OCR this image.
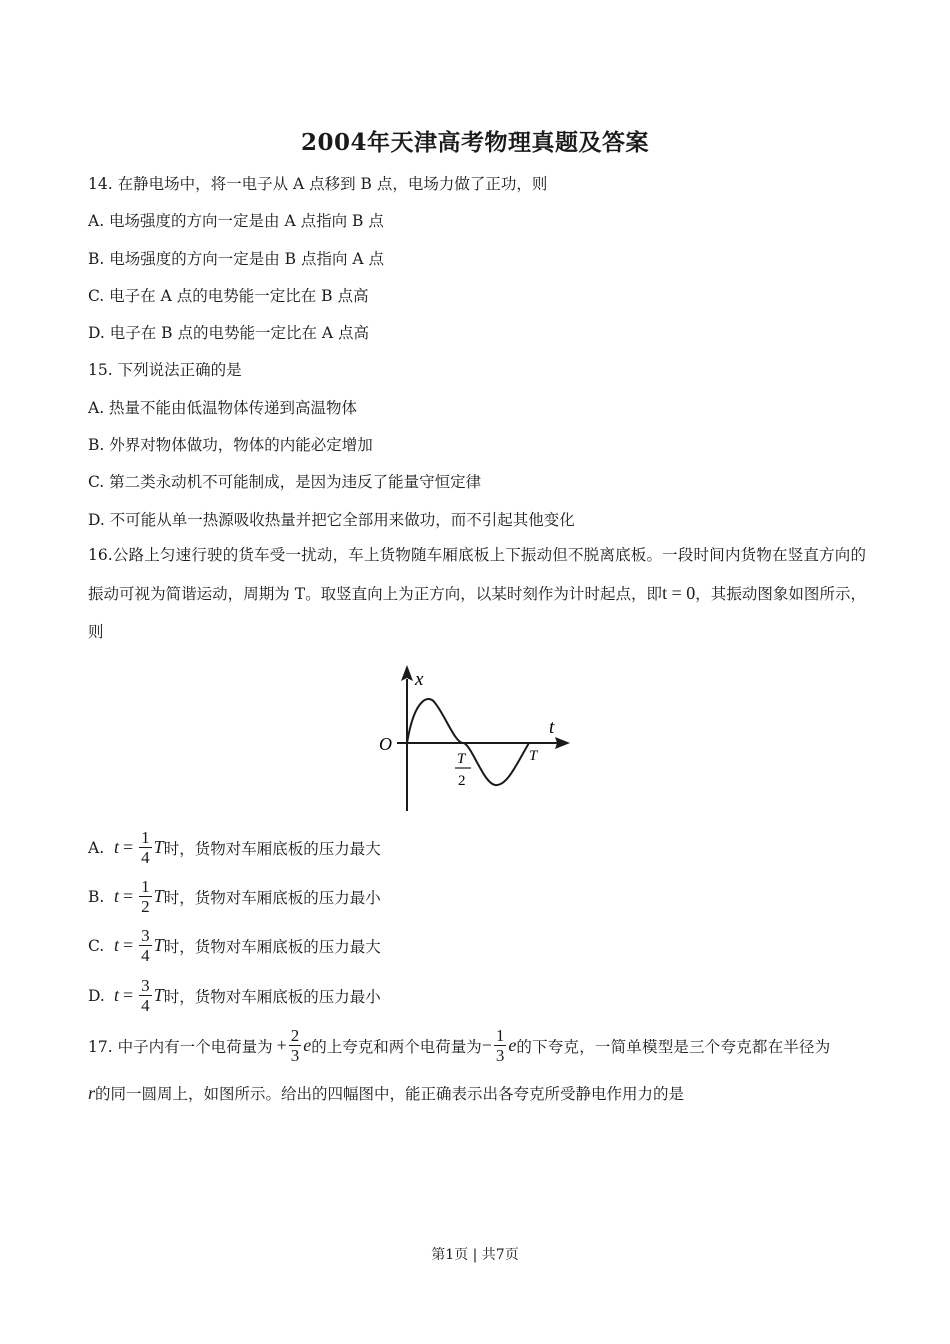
2004年天津高考物理真题及答案
14. 在静电场中，将一电子从 A 点移到 B 点，电场力做了正功，则
A. 电场强度的方向一定是由 A 点指向 B 点
B. 电场强度的方向一定是由 B 点指向 A 点
C. 电子在 A 点的电势能一定比在 B 点高
D. 电子在 B 点的电势能一定比在 A 点高
15. 下列说法正确的是
A. 热量不能由低温物体传递到高温物体
B. 外界对物体做功，物体的内能必定增加
C. 第二类永动机不可能制成，是因为违反了能量守恒定律
D. 不可能从单一热源吸收热量并把它全部用来做功，而不引起其他变化
16.公路上匀速行驶的货车受一扰动，车上货物随车厢底板上下振动但不脱离底板。一段时间内货物在竖直方向的振动可视为简谐运动，周期为 T。取竖直向上为正方向，以某时刻作为计时起点，即t = 0，其振动图象如图所示，则
x
t
O
T
2
T
A. $t = \frac{1}{4}$ T 时，货物对车厢底板的压力最大
B. $t = \frac{1}{2}$ T 时，货物对车厢底板的压力最小
C. $t = \frac{3}{4}$ T 时，货物对车厢底板的压力最大
D. $t = \frac{3}{4}$ T 时，货物对车厢底板的压力最小
17. 中子内有一个电荷量为 + $\frac{2}{3}$ e 的上夸克和两个电荷量为 − $\frac{1}{3}$ e 的下夸克，一简单模型是三个夸克都在半径为
r的同一圆周上，如图所示。给出的四幅图中，能正确表示出各夸克所受静电作用力的是
第1页 | 共7页
